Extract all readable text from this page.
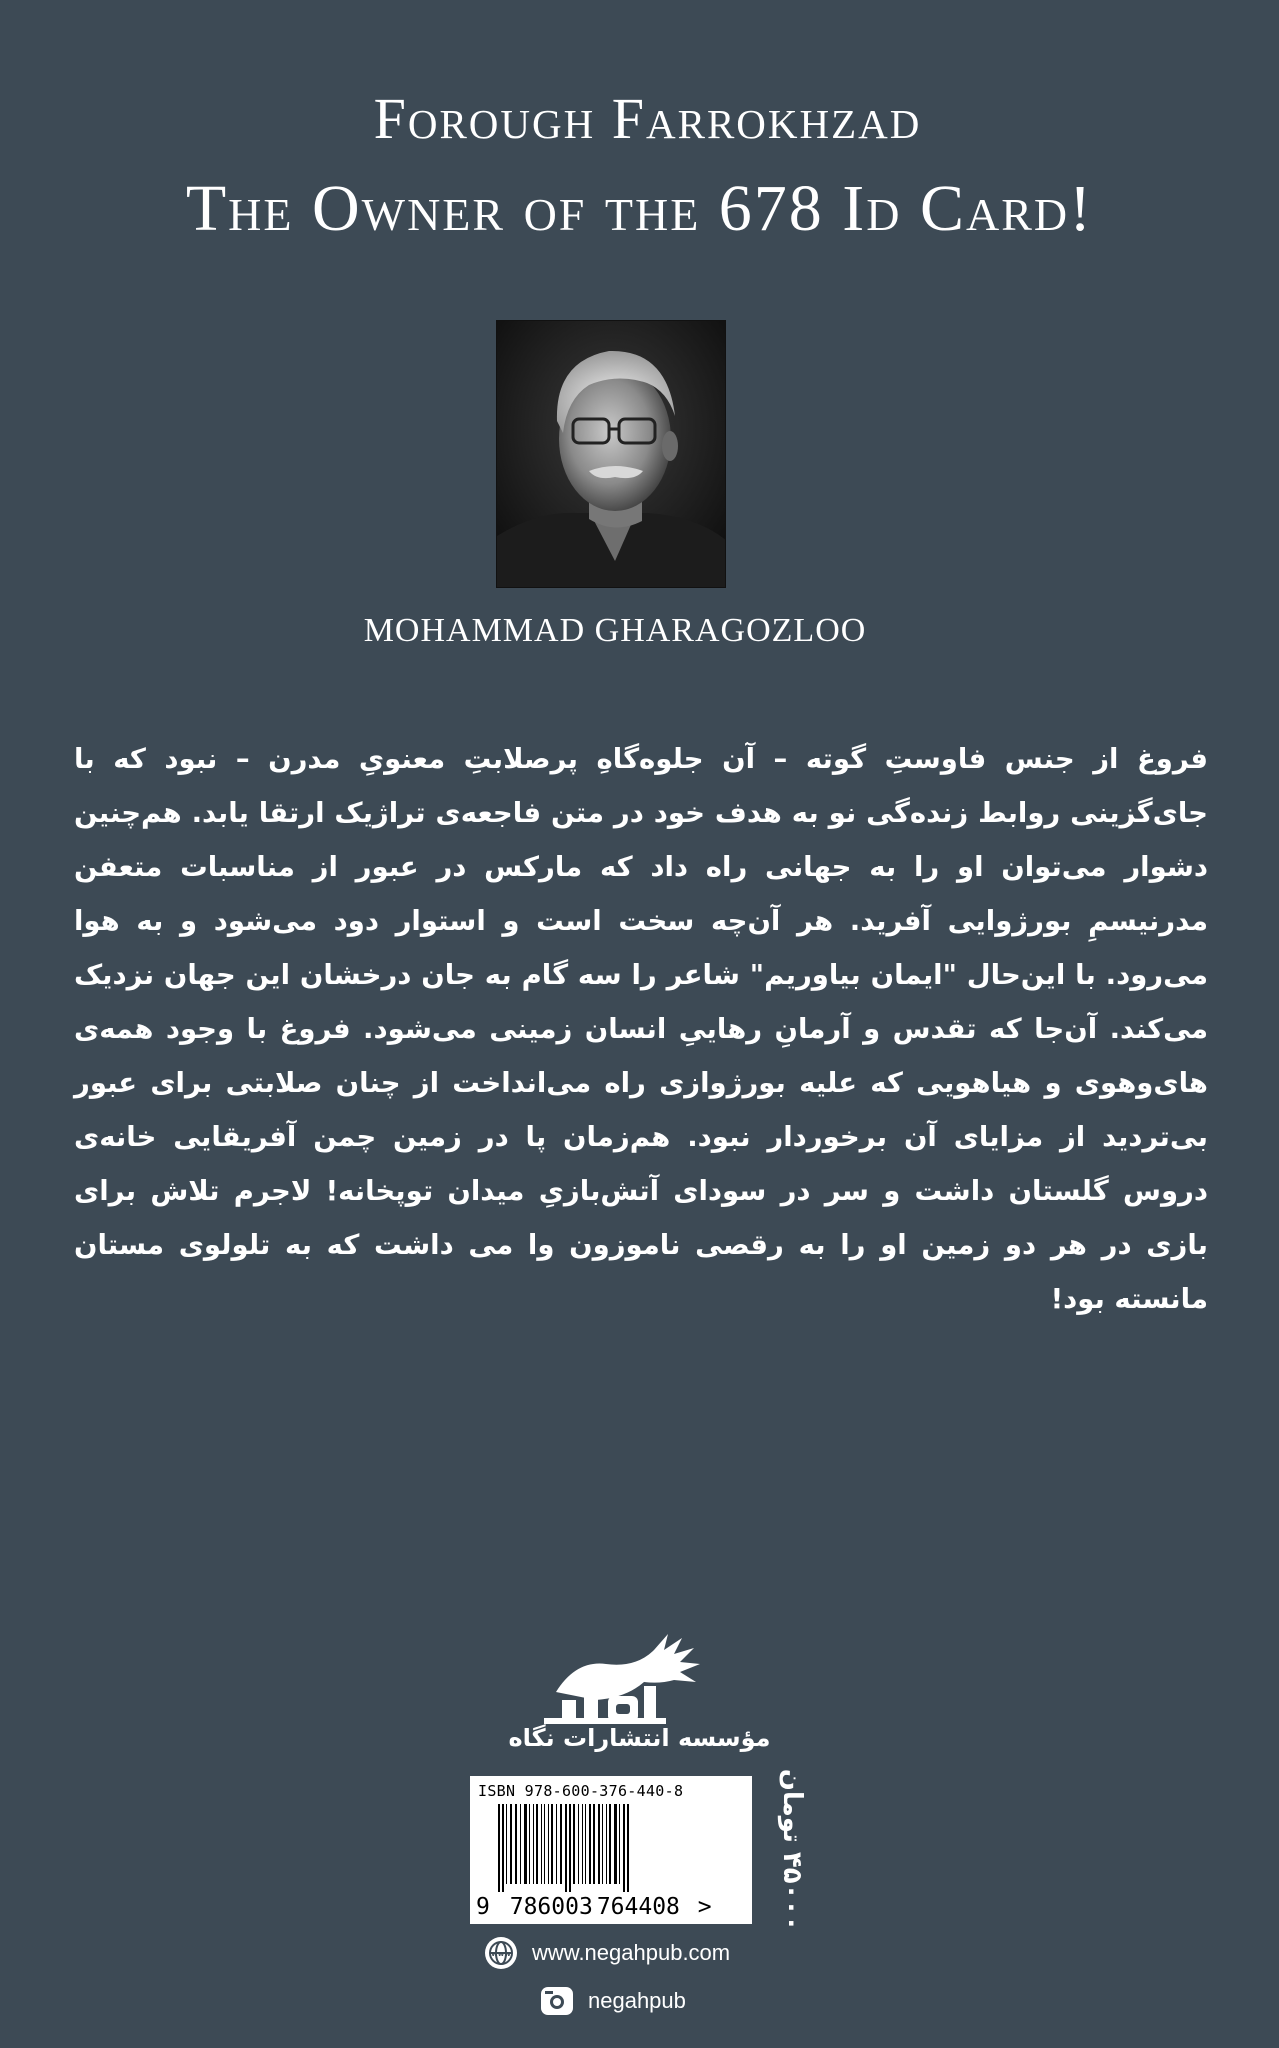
Forough Farrokhzad
The Owner of the 678 Id Card!
MOHAMMAD GHARAGOZLOO
فروغ از جنس فاوستِ گوته – آن جلوه‌گاهِ پرصلابتِ معنویِ مدرن – نبود که با جای‌گزینی روابط زنده‌گی نو به هدف خود در متن فاجعه‌ی تراژیک ارتقا یابد. هم‌چنین دشوار می‌توان او را به جهانی راه داد که مارکس در عبور از مناسبات متعفن مدرنیسمِ بورژوایی آفرید. هر آن‌چه سخت است و استوار دود می‌شود و به هوا می‌رود. با این‌حال "ایمان بیاوریم" شاعر را سه گام به جان درخشان این جهان نزدیک می‌کند. آن‌جا که تقدس و آرمانِ رهاییِ انسان زمینی می‌شود. فروغ با وجود همه‌ی های‌وهوی و هیاهویی که علیه بورژوازی راه می‌انداخت از چنان صلابتی برای عبور بی‌تردید از مزایای آن برخوردار نبود. هم‌زمان پا در زمین چمن آفریقایی خانه‌ی دروس گلستان داشت و سر در سودای آتش‌بازیِ میدان توپخانه! لاجرم تلاش برای بازی در هر دو زمین او را به رقصی ناموزون وا می داشت که به تلولوی مستان مانسته بود!
مؤسسه انتشارات نگاه
ISBN 978-600-376-440-8
9 786003 764408 >
۴۵۰۰۰ تومان
www www.negahpub.com
negahpub
